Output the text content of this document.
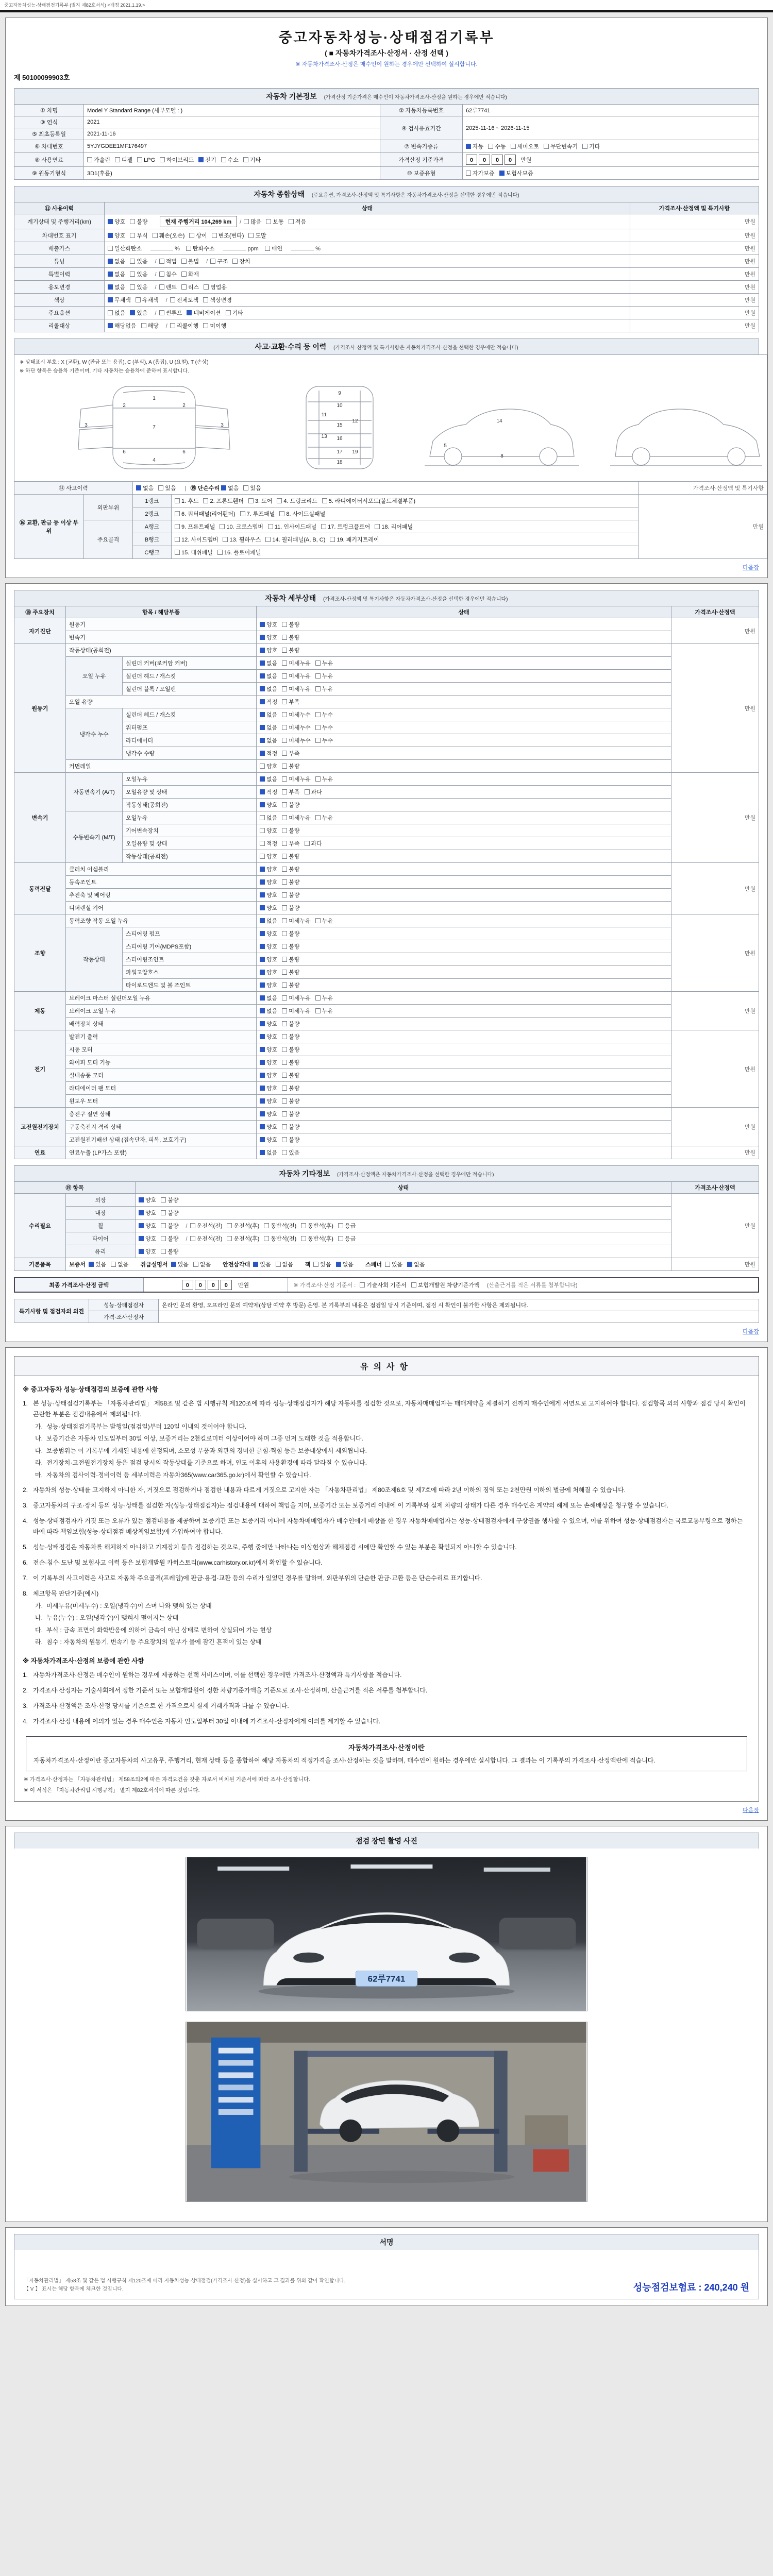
중고자동차성능·상태점검기록부 (별지 제82호서식) <개정 2021.1.19.>
중고자동차성능·상태점검기록부
( ■ 자동차가격조사·산정서 · 산정 선택 )
※ 자동차가격조사·산정은 매수인이 원하는 경우에만 선택하여 실시합니다.
제 50100099903호
자동차 기본정보 (가격산정 기준가격은 매수인이 자동차가격조사·산정을 원하는 경우에만 적습니다)
① 차명	Model Y Standard Range (세부모델 : )	② 자동차등록번호	62루7741
③ 연식	2021	④ 검사유효기간	2025-11-16 ~ 2026-11-15
⑤ 최초등록일	2021-11-16		
⑥ 차대번호	5YJYGDEE1MF176497	⑦ 변속기종류	자동 수동 세미오토 무단변속기 기타
⑧ 사용연료	가솔린 디젤 LPG 하이브리드 전기 수소 기타	가격산정 기준가격	0 0 0 0 만원
⑨ 원동기형식	3D1(후륜)	⑩ 보증유형	자가보증 보험사보증
자동차 종합상태 (주요옵션, 가격조사·산정액 및 특기사항은 자동차가격조사·산정을 선택한 경우에만 적습니다)
⑪ 사용이력	상태	가격조사·산정액 및 특기사항
계기상태 및 주행거리(km)	양호 불량 현재 주행거리 104,269 km / 많음 보통 적음	만원
차대번호 표기	양호 부식 훼손(오손) 상이 변조(변타) 도말	만원
배출가스	일산화탄소 % 탄화수소 ppm 매연 %	만원
튜닝	없음 있음 / 적법 불법 / 구조 장치	만원
특별이력	없음 있음 / 침수 화재	만원
용도변경	없음 있음 / 렌트 리스 영업용	만원
색상	무채색 유채색 / 전체도색 색상변경	만원
주요옵션	없음 있음 / 썬루프 네비게이션 기타	만원
리콜대상	해당없음 해당 / 리콜이행 미이행	만원
사고·교환·수리 등 이력 (가격조사·산정액 및 특기사항은 자동차가격조사·산정을 선택한 경우에만 적습니다)
※ 상태표시 부호 : X (교환), W (판금 또는 용접), C (부식), A (흠집), U (요철), T (손상)
※ 하단 항목은 승용차 기준이며, 기타 자동차는 승용차에 준하여 표시합니다.
1
2	2
3	3
6	6
7
4
9
10
11
12
13
15
16
17
18
19
5
8
14

⑭ 사고이력		없음 있음 | ⑮ 단순수리 없음 있음		가격조사·산정액 및 특기사항
⑯ 교환, 판금 등 이상 부위	외판부위	1랭크	1. 후드 2. 프론트휀더 3. 도어 4. 트렁크리드 5. 라디에이터서포트(볼트체결부품)	만원
		2랭크	6. 쿼터패널(리어휀더) 7. 루프패널 8. 사이드실패널	
	주요골격	A랭크	9. 프론트패널 10. 크로스멤버 11. 인사이드패널 17. 트렁크플로어 18. 리어패널	
		B랭크	12. 사이드멤버 13. 휠하우스 14. 필러패널(A, B, C) 19. 패키지트레이	
		C랭크	15. 대쉬패널 16. 플로어패널	
다음장
자동차 세부상태 (가격조사·산정액 및 특기사항은 자동차가격조사·산정을 선택한 경우에만 적습니다)
⑱ 주요장치	항목 / 해당부품		상태	가격조사·산정액
자기진단	원동기		양호 불량	만원
	변속기		양호 불량	
원동기	작동상태(공회전)		양호 불량	만원
	오일 누유	실린더 커버(로커암 커버)	없음 미세누유 누유	
		실린더 헤드 / 개스킷	없음 미세누유 누유	
		실린더 블록 / 오일팬	없음 미세누유 누유	
	오일 유량		적정 부족	
	냉각수 누수	실린더 헤드 / 개스킷	없음 미세누수 누수	
		워터펌프	없음 미세누수 누수	
		라디에이터	없음 미세누수 누수	
		냉각수 수량	적정 부족	
	커먼레일		양호 불량	
변속기	자동변속기 (A/T)	오일누유	없음 미세누유 누유	만원
		오일유량 및 상태	적정 부족 과다	
		작동상태(공회전)	양호 불량	
	수동변속기 (M/T)	오일누유	없음 미세누유 누유	
		기어변속장치	양호 불량	
		오일유량 및 상태	적정 부족 과다	
		작동상태(공회전)	양호 불량	
동력전달	클러치 어셈블리		양호 불량	만원
	등속조인트		양호 불량	
	추진축 및 베어링		양호 불량	
	디퍼렌셜 기어		양호 불량	
조향	동력조향 작동 오일 누유		없음 미세누유 누유	만원
	작동상태	스티어링 펌프	양호 불량	
		스티어링 기어(MDPS포함)	양호 불량	
		스티어링조인트	양호 불량	
		파워고압호스	양호 불량	
		타이로드엔드 및 볼 조인트	양호 불량	
제동	브레이크 마스터 실린더오일 누유		없음 미세누유 누유	만원
	브레이크 오일 누유		없음 미세누유 누유	
	배력장치 상태		양호 불량	
전기	발전기 출력		양호 불량	만원
	시동 모터		양호 불량	
	와이퍼 모터 기능		양호 불량	
	실내송풍 모터		양호 불량	
	라디에이터 팬 모터		양호 불량	
	윈도우 모터		양호 불량	
고전원전기장치	충전구 절연 상태		양호 불량	만원
	구동축전지 격리 상태		양호 불량	
	고전원전기배선 상태 (접속단자, 피복, 보호기구)		양호 불량	
연료	연료누출 (LP가스 포함)		없음 있음	만원
자동차 기타정보 (가격조사·산정액은 자동차가격조사·산정을 선택한 경우에만 적습니다)
⑲ 항목		상태	가격조사·산정액
수리필요	외장	양호 불량	만원
	내장	양호 불량	
	휠	양호 불량 / 운전석(전) 운전석(후) 동반석(전) 동반석(후) 응급	
	타이어	양호 불량 / 운전석(전) 운전석(후) 동반석(전) 동반석(후) 응급	
	유리	양호 불량	
기본품목	보증서 있음 없음 취급설명서 있음 없음 안전삼각대 있음 없음 잭 있음 없음 스패너 있음 없음		만원
최종 가격조사·산정 금액	0 0 0 0 만원	※ 가격조사·산정 기준서 : 기술사회 기준서 보험개발원 차량기준가액 (산출근거를 적은 서류를 첨부합니다)
특기사항 및 점검자의 의견	성능·상태점검자	온라인 문의 환영, 오프라인 문의 예약제(상담 예약 후 방문) 운영. 본 기록부의 내용은 점검일 당시 기준이며, 점검 시 확인이 불가한 사항은 제외됩니다.
	가격·조사산정자	
다음장
유의사항
※ 중고자동차 성능·상태점검의 보증에 관한 사항
1. 본 성능·상태점검기록부는 「자동차관리법」 제58조 및 같은 법 시행규칙 제120조에 따라 성능·상태점검자가 해당 자동차를 점검한 것으로, 자동차매매업자는 매매계약을 체결하기 전까지 매수인에게 서면으로 고지하여야 합니다. 점검항목 외의 사항과 점검 당시 확인이 곤란한 부분은 점검내용에서 제외됩니다.
가. 성능·상태점검기록부는 발행일(점검일)부터 120일 이내의 것이어야 합니다.
나. 보증기간은 자동차 인도일부터 30일 이상, 보증거리는 2천킬로미터 이상이어야 하며 그중 먼저 도래한 것을 적용합니다.
다. 보증범위는 이 기록부에 기재된 내용에 한정되며, 소모성 부품과 외관의 경미한 긁힘·찍힘 등은 보증대상에서 제외됩니다.
라. 전기장치·고전원전기장치 등은 점검 당시의 작동상태를 기준으로 하며, 인도 이후의 사용환경에 따라 달라질 수 있습니다.
마. 자동차의 검사이력·정비이력 등 세부이력은 자동차365(www.car365.go.kr)에서 확인할 수 있습니다.
2. 자동차의 성능·상태를 고지하지 아니한 자, 거짓으로 점검하거나 점검한 내용과 다르게 거짓으로 고지한 자는 「자동차관리법」 제80조제6호 및 제7호에 따라 2년 이하의 징역 또는 2천만원 이하의 벌금에 처해질 수 있습니다.
3. 중고자동차의 구조·장치 등의 성능·상태를 점검한 자(성능·상태점검자)는 점검내용에 대하여 책임을 지며, 보증기간 또는 보증거리 이내에 이 기록부와 실제 차량의 상태가 다른 경우 매수인은 계약의 해제 또는 손해배상을 청구할 수 있습니다.
4. 성능·상태점검자가 거짓 또는 오류가 있는 점검내용을 제공하여 보증기간 또는 보증거리 이내에 자동차매매업자가 매수인에게 배상을 한 경우 자동차매매업자는 성능·상태점검자에게 구상권을 행사할 수 있으며, 이를 위하여 성능·상태점검자는 국토교통부령으로 정하는 바에 따라 책임보험(성능·상태점검 배상책임보험)에 가입하여야 합니다.
5. 성능·상태점검은 자동차를 해체하지 아니하고 기계장치 등을 점검하는 것으로, 주행 중에만 나타나는 이상현상과 해체점검 시에만 확인할 수 있는 부분은 확인되지 아니할 수 있습니다.
6. 전손·침수·도난 및 보험사고 이력 등은 보험개발원 카히스토리(www.carhistory.or.kr)에서 확인할 수 있습니다.
7. 이 기록부의 사고이력은 사고로 자동차 주요골격(프레임)에 판금·용접·교환 등의 수리가 있었던 경우를 말하며, 외판부위의 단순한 판금·교환 등은 단순수리로 표기합니다.
8. 체크항목 판단기준(예시)
가. 미세누유(미세누수) : 오일(냉각수)이 스며 나와 맺혀 있는 상태
나. 누유(누수) : 오일(냉각수)이 맺혀서 떨어지는 상태
다. 부식 : 금속 표면이 화학반응에 의하여 금속이 아닌 상태로 변하여 상실되어 가는 현상
라. 침수 : 자동차의 원동기, 변속기 등 주요장치의 일부가 물에 잠긴 흔적이 있는 상태
※ 자동차가격조사·산정의 보증에 관한 사항
1. 자동차가격조사·산정은 매수인이 원하는 경우에 제공하는 선택 서비스이며, 이를 선택한 경우에만 가격조사·산정액과 특기사항을 적습니다.
2. 가격조사·산정자는 기술사회에서 정한 기준서 또는 보험개발원이 정한 차량기준가액을 기준으로 조사·산정하며, 산출근거를 적은 서류를 첨부합니다.
3. 가격조사·산정액은 조사·산정 당시를 기준으로 한 가격으로서 실제 거래가격과 다를 수 있습니다.
4. 가격조사·산정 내용에 이의가 있는 경우 매수인은 자동차 인도일부터 30일 이내에 가격조사·산정자에게 이의를 제기할 수 있습니다.
자동차가격조사·산정이란
자동차가격조사·산정이란 중고자동차의 사고유무, 주행거리, 현재 상태 등을 종합하여 해당 자동차의 적정가격을 조사·산정하는 것을 말하며, 매수인이 원하는 경우에만 실시합니다. 그 결과는 이 기록부의 가격조사·산정액란에 적습니다.
※ 가격조사·산정자는 「자동차관리법」 제58조의2에 따른 자격요건을 갖춘 자로서 비치된 기준서에 따라 조사·산정합니다.
※ 이 서식은 「자동차관리법 시행규칙」 별지 제82호서식에 따른 것입니다.
다음장
점검 장면 촬영 사진
62루7741
서명
「자동차관리법」 제58조 및 같은 법 시행규칙 제120조에 따라 자동차성능·상태점검(가격조사·산정)을 실시하고 그 결과를 위와 같이 확인합니다.
【 V 】 표시는 해당 항목에 체크한 것입니다.	성능점검보험료 : 240,240 원
